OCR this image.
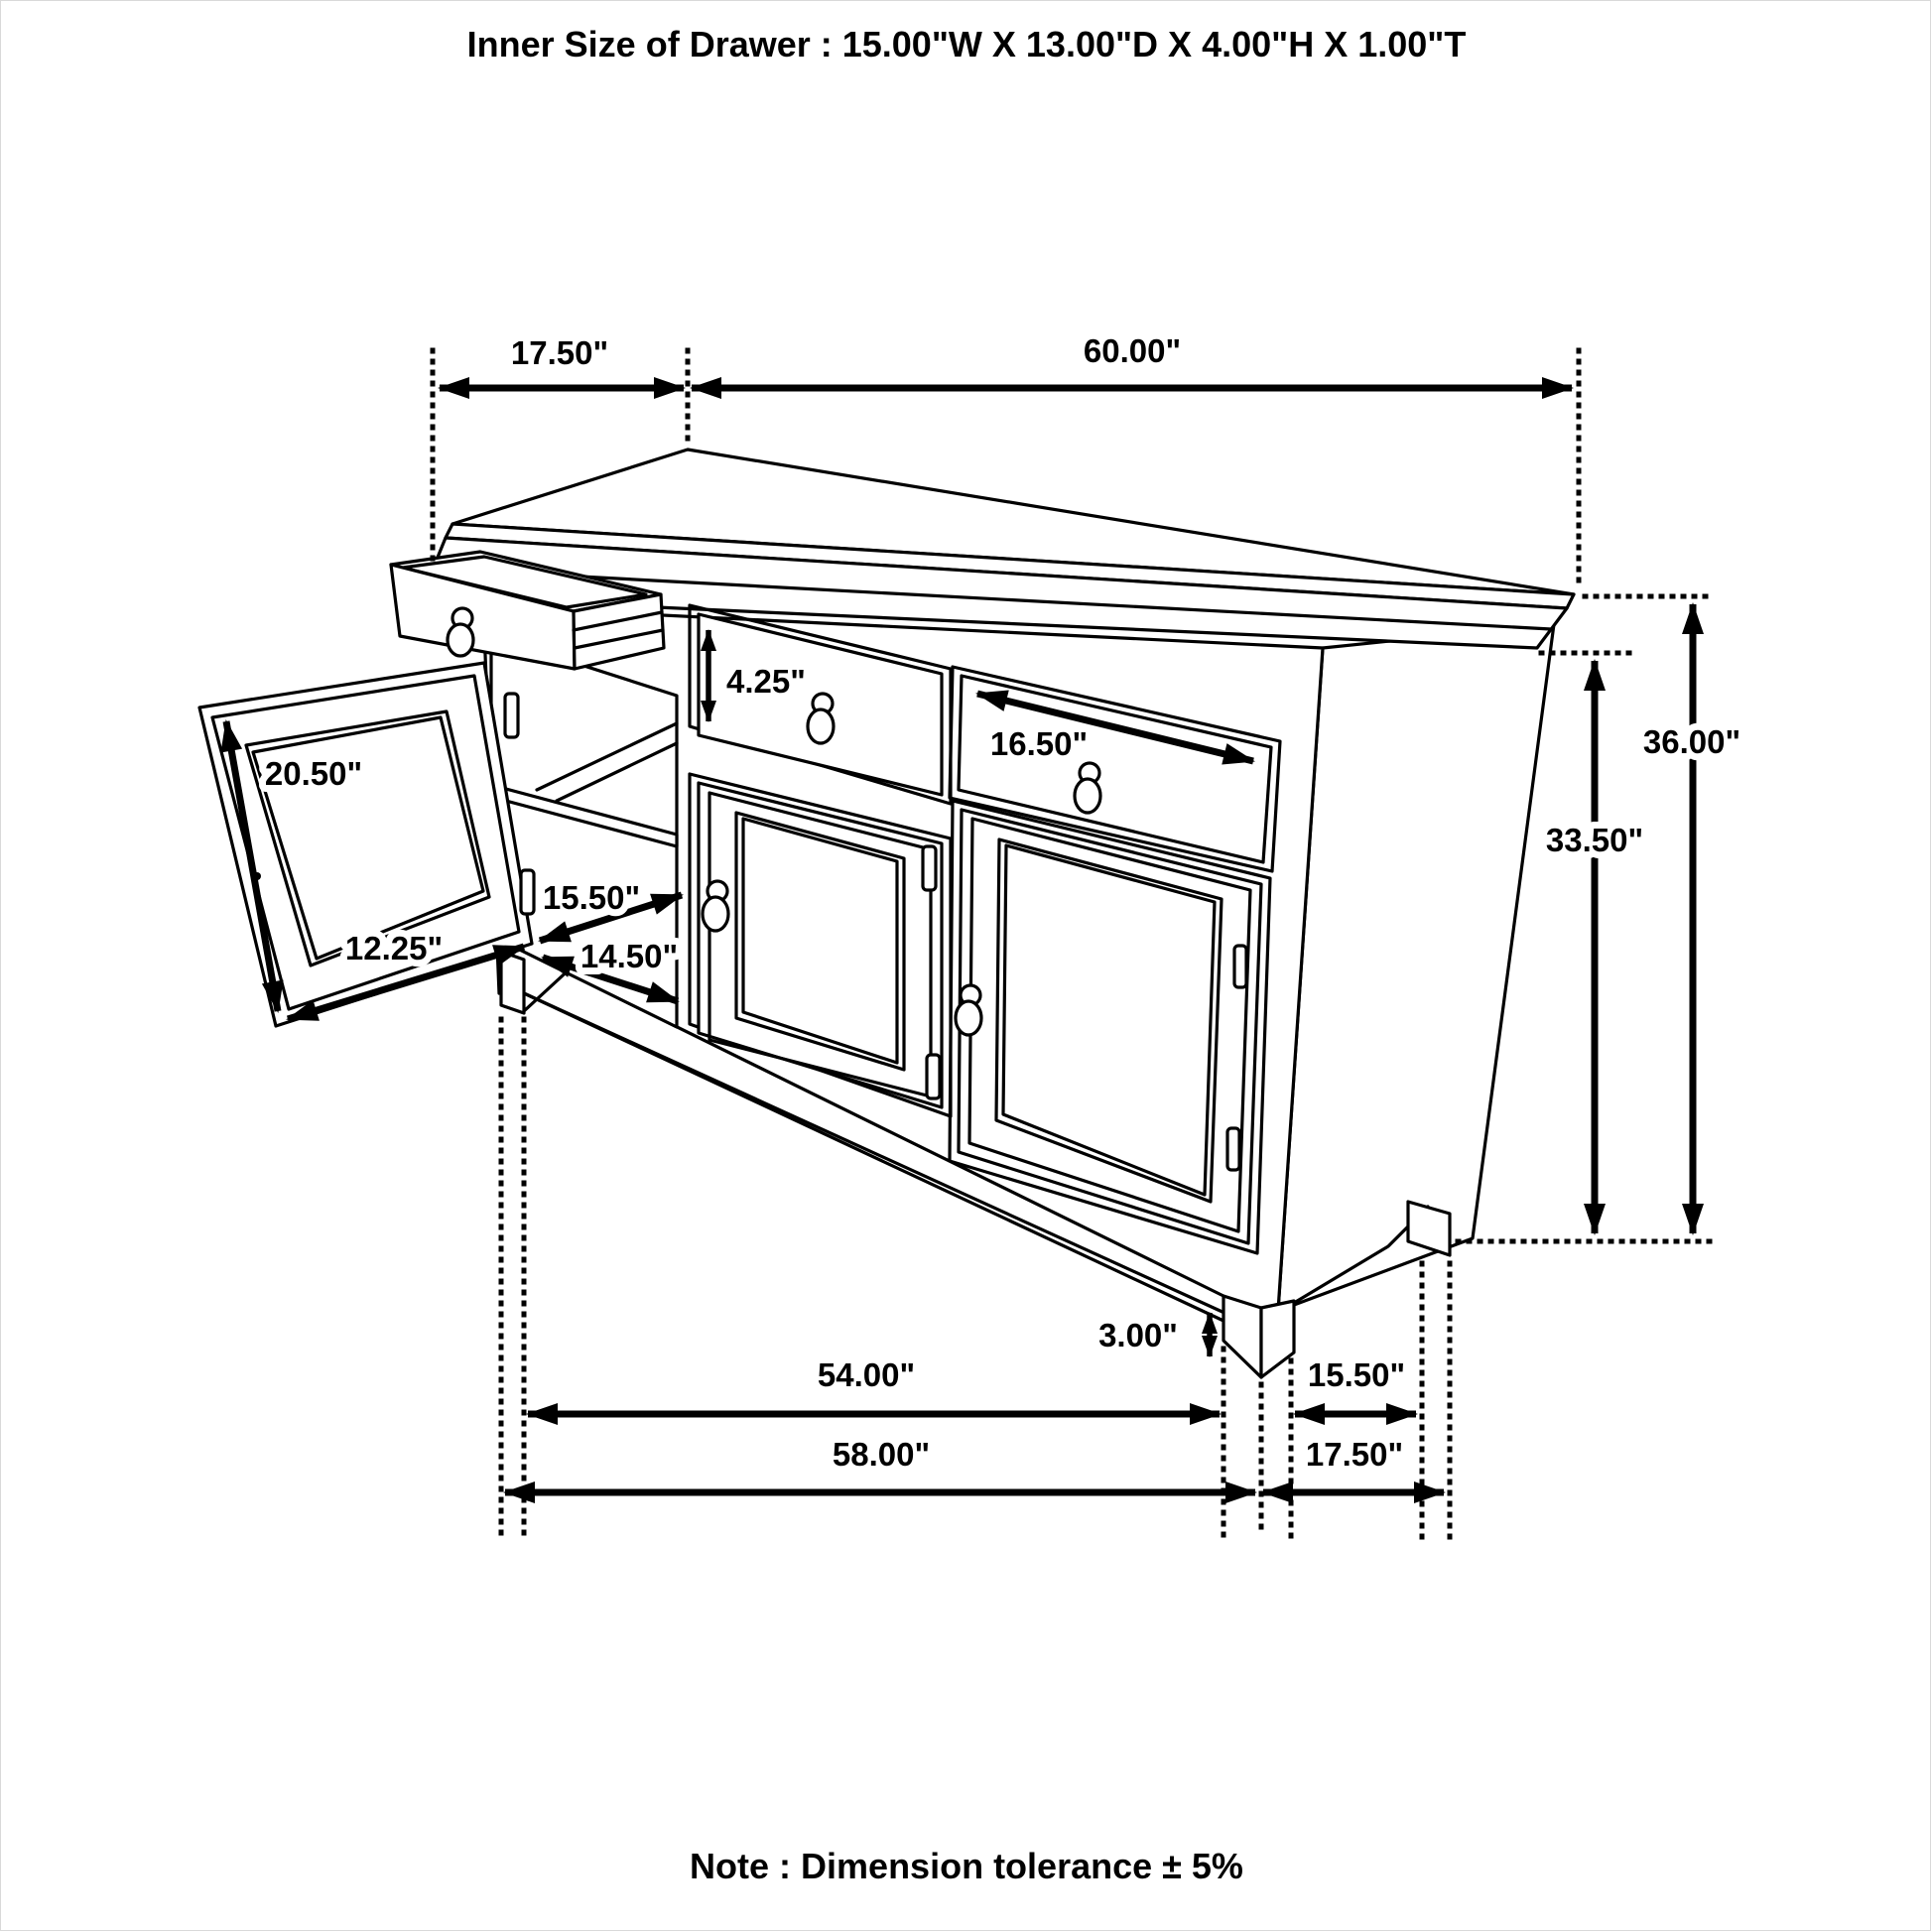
Inner Size of Drawer : 15.00"W X 13.00"D X 4.00"H X 1.00"T
17.50"	60.00"
4.25"
16.50"
20.50"
12.25"
15.50"
14.50"
36.00"
33.50"
3.00"
54.00"	15.50"
58.00"	17.50"
Note : Dimension tolerance ± 5%
